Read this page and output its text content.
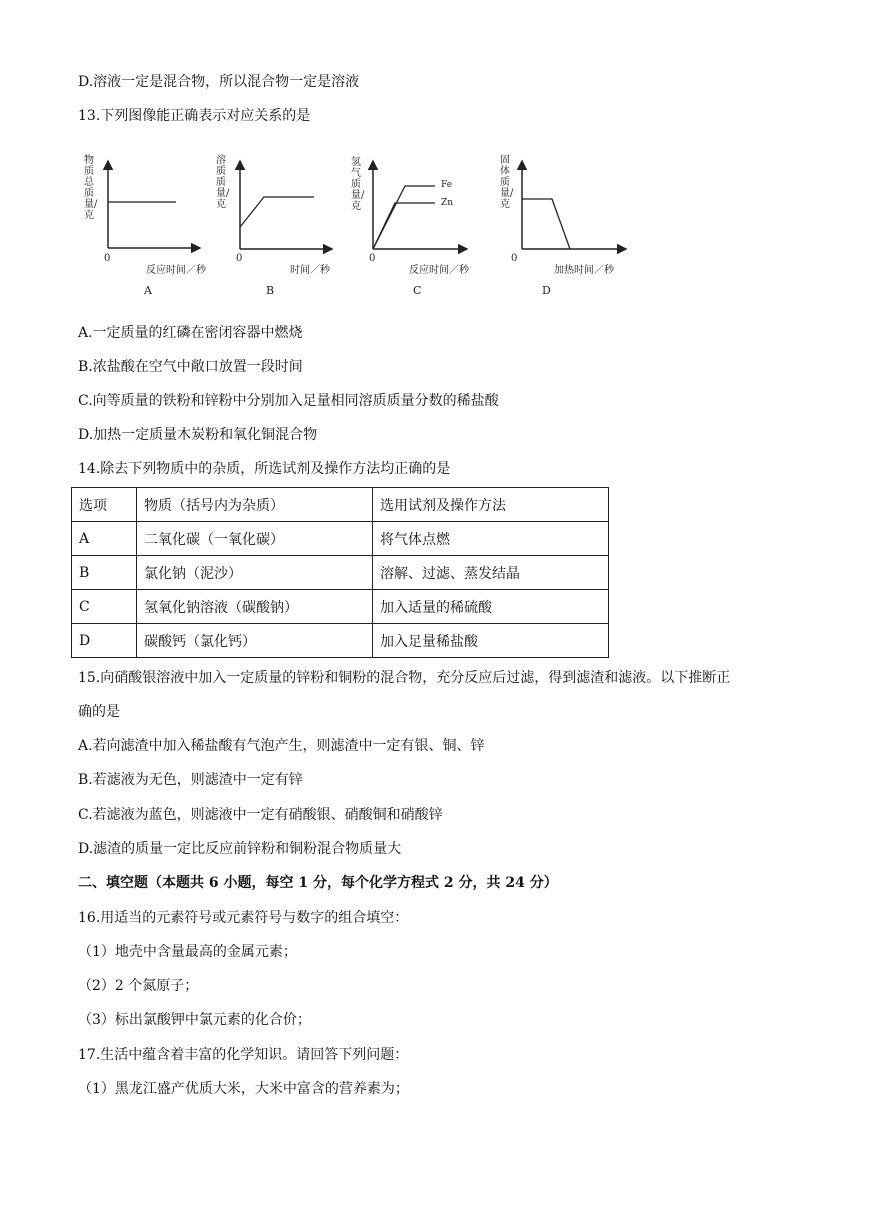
D.溶液一定是混合物，所以混合物一定是溶液
13.下列图像能正确表示对应关系的是
物质总质量/克
0
反应时间／秒
A
溶质质量/克
0
时间／秒
B
氢气质量/克
0
Fe
Zn
反应时间／秒
C
固体质量/克
0
加热时间／秒
D
A.一定质量的红磷在密闭容器中燃烧
B.浓盐酸在空气中敞口放置一段时间
C.向等质量的铁粉和锌粉中分别加入足量相同溶质质量分数的稀盐酸
D.加热一定质量木炭粉和氧化铜混合物
14.除去下列物质中的杂质，所选试剂及操作方法均正确的是
选项	物质（括号内为杂质）	选用试剂及操作方法
A	二氧化碳（一氧化碳）	将气体点燃
B	氯化钠（泥沙）	溶解、过滤、蒸发结晶
C	氢氧化钠溶液（碳酸钠）	加入适量的稀硫酸
D	碳酸钙（氯化钙）	加入足量稀盐酸
15.向硝酸银溶液中加入一定质量的锌粉和铜粉的混合物，充分反应后过滤，得到滤渣和滤液。以下推断正
确的是
A.若向滤渣中加入稀盐酸有气泡产生，则滤渣中一定有银、铜、锌
B.若滤液为无色，则滤渣中一定有锌
C.若滤液为蓝色，则滤液中一定有硝酸银、硝酸铜和硝酸锌
D.滤渣的质量一定比反应前锌粉和铜粉混合物质量大
二、填空题（本题共 6 小题，每空 1 分，每个化学方程式 2 分，共 24 分）
16.用适当的元素符号或元素符号与数字的组合填空：
（1）地壳中含量最高的金属元素；
（2）2 个氮原子；
（3）标出氯酸钾中氯元素的化合价；
17.生活中蕴含着丰富的化学知识。请回答下列问题：
（1）黑龙江盛产优质大米，大米中富含的营养素为；
